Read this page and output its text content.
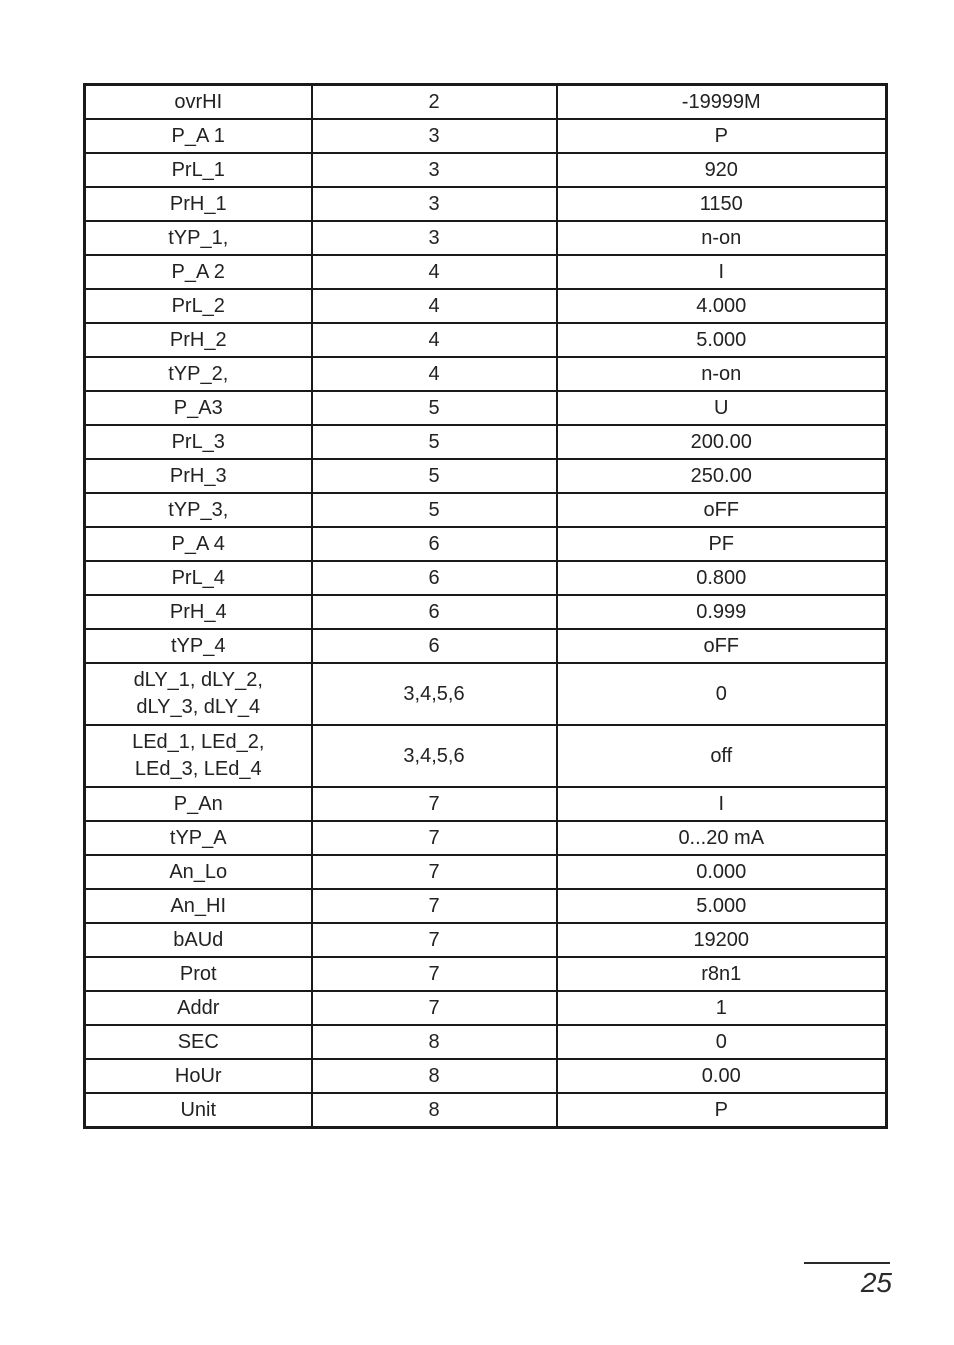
ovrHI	2	-19999M
P_A 1	3	P
PrL_1	3	920
PrH_1	3	1150
tYP_1,	3	n-on
P_A 2	4	I
PrL_2	4	4.000
PrH_2	4	5.000
tYP_2,	4	n-on
P_A3	5	U
PrL_3	5	200.00
PrH_3	5	250.00
tYP_3,	5	oFF
P_A 4	6	PF
PrL_4	6	0.800
PrH_4	6	0.999
tYP_4	6	oFF
dLY_1, dLY_2,
dLY_3, dLY_4	3,4,5,6	0
LEd_1, LEd_2,
LEd_3, LEd_4	3,4,5,6	off
P_An	7	I
tYP_A	7	0...20 mA
An_Lo	7	0.000
An_HI	7	5.000
bAUd	7	19200
Prot	7	r8n1
Addr	7	1
SEC	8	0
HoUr	8	0.00
Unit	8	P
25
